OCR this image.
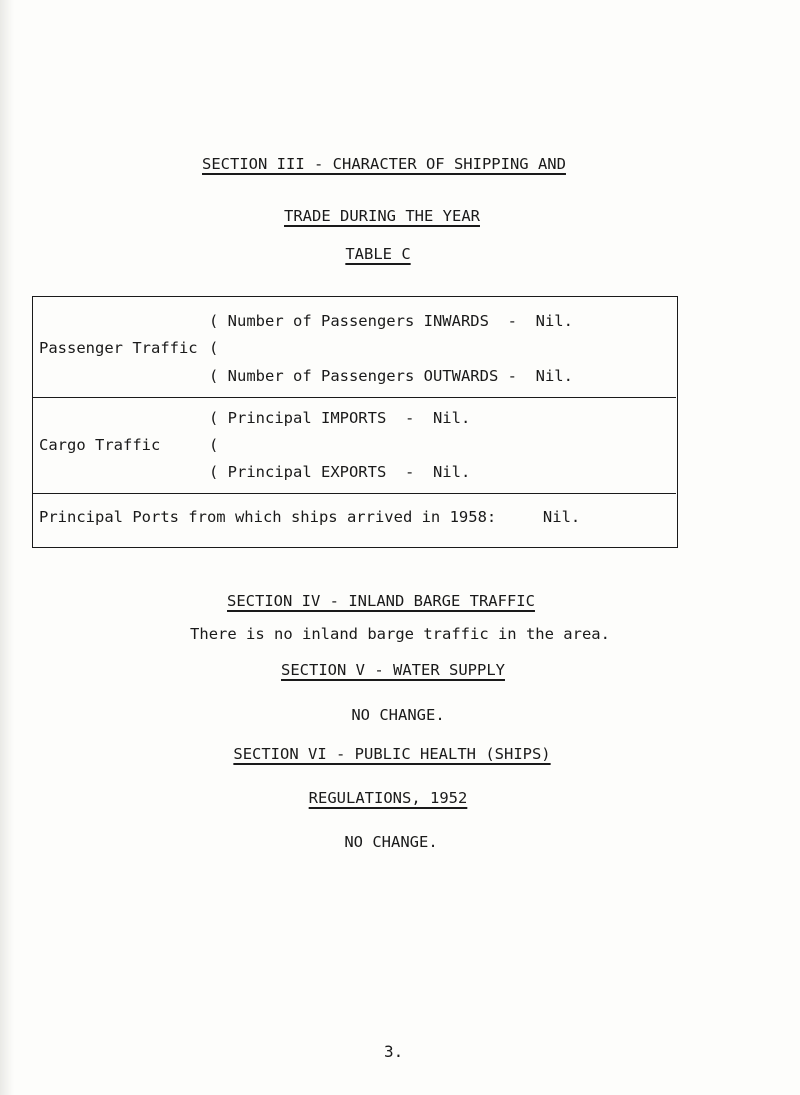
SECTION III - CHARACTER OF SHIPPING AND
TRADE DURING THE YEAR
TABLE C
Passenger Traffic
( Number of Passengers INWARDS  -  Nil.
(
( Number of Passengers OUTWARDS -  Nil.
Cargo Traffic
( Principal IMPORTS  -  Nil.
(
( Principal EXPORTS  -  Nil.
Principal Ports from which ships arrived in 1958:     Nil.
SECTION IV - INLAND BARGE TRAFFIC
There is no inland barge traffic in the area.
SECTION V - WATER SUPPLY
NO CHANGE.
SECTION VI - PUBLIC HEALTH (SHIPS)
REGULATIONS, 1952
NO CHANGE.
3.
